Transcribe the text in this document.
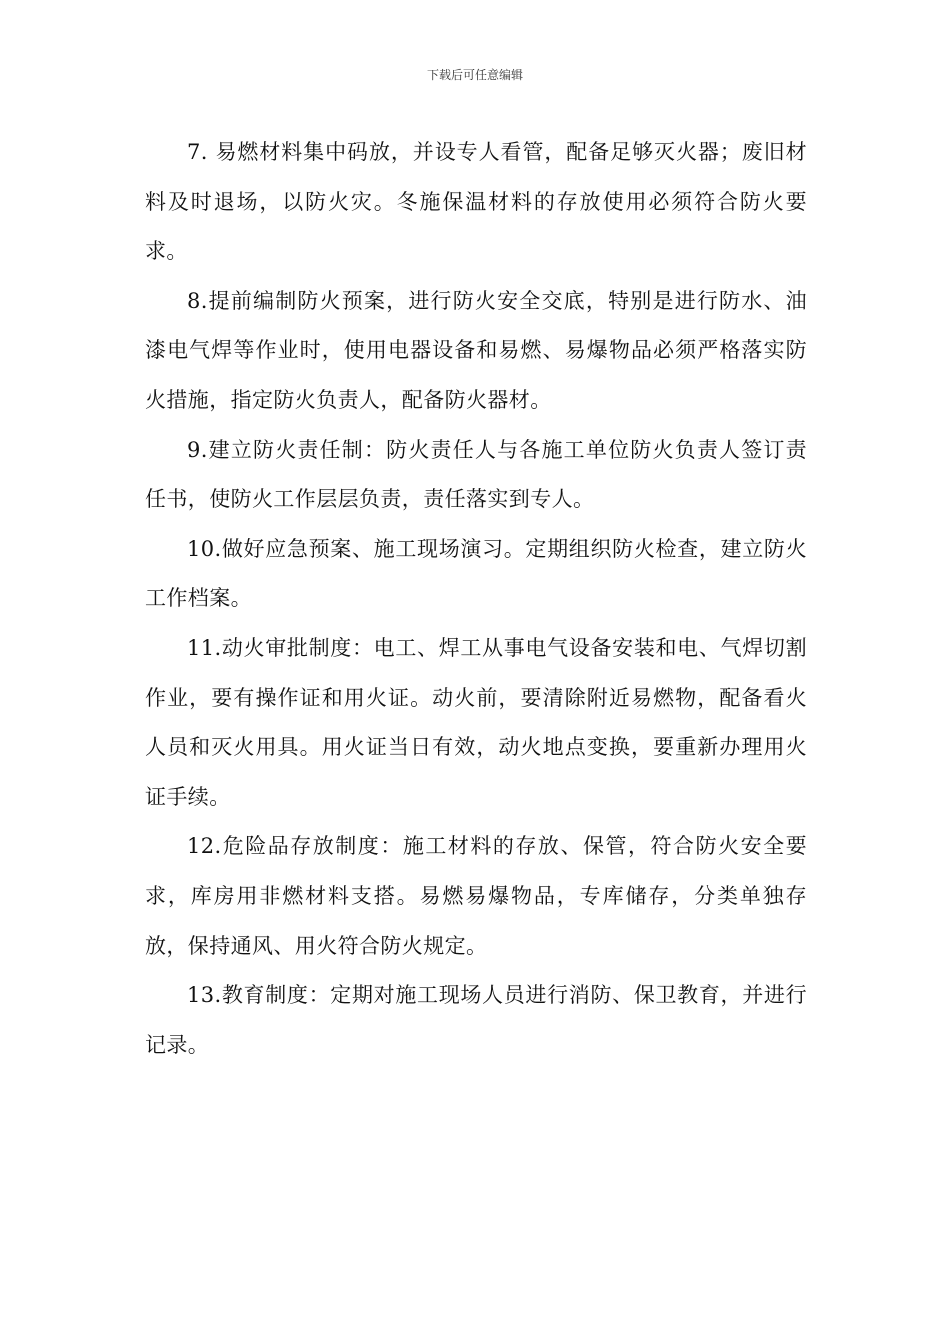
下载后可任意编辑

7. 易燃材料集中码放，并设专人看管，配备足够灭火器；废旧材料及时退场，以防火灾。冬施保温材料的存放使用必须符合防火要求。

8.提前编制防火预案，进行防火安全交底，特别是进行防水、油漆电气焊等作业时，使用电器设备和易燃、易爆物品必须严格落实防火措施，指定防火负责人，配备防火器材。

9.建立防火责任制：防火责任人与各施工单位防火负责人签订责任书，使防火工作层层负责，责任落实到专人。

10.做好应急预案、施工现场演习。定期组织防火检查，建立防火工作档案。

11.动火审批制度：电工、焊工从事电气设备安装和电、气焊切割作业，要有操作证和用火证。动火前，要清除附近易燃物，配备看火人员和灭火用具。用火证当日有效，动火地点变换，要重新办理用火证手续。

12.危险品存放制度：施工材料的存放、保管，符合防火安全要求，库房用非燃材料支搭。易燃易爆物品，专库储存，分类单独存放，保持通风、用火符合防火规定。

13.教育制度：定期对施工现场人员进行消防、保卫教育，并进行记录。
